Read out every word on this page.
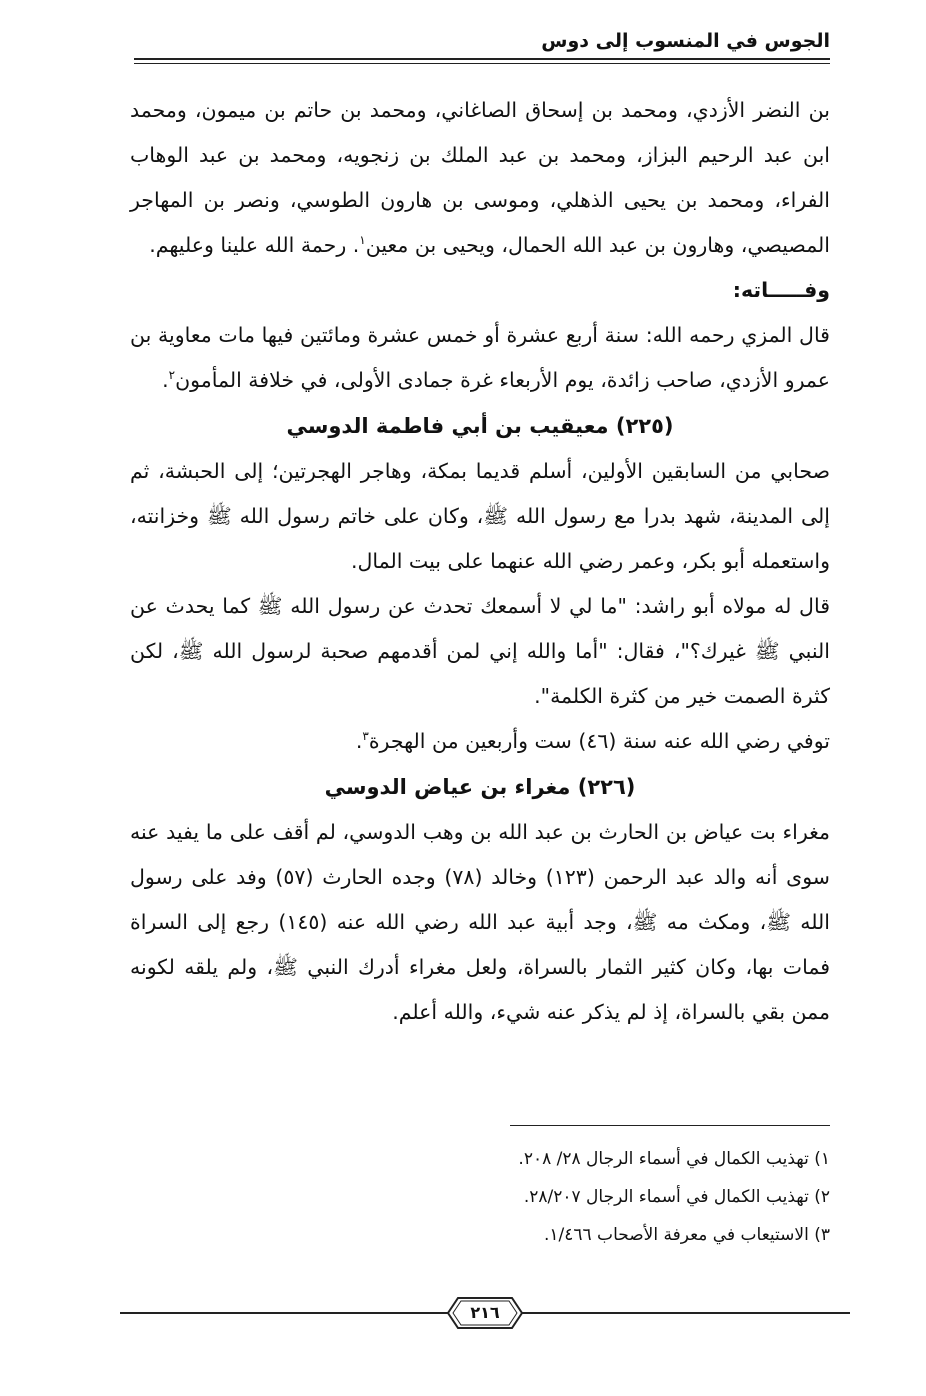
الجوس في المنسوب إلى دوس

بن النضر الأزدي، ومحمد بن إسحاق الصاغاني، ومحمد بن حاتم بن ميمون، ومحمد ابن عبد الرحيم البزاز، ومحمد بن عبد الملك بن زنجويه، ومحمد بن عبد الوهاب الفراء، ومحمد بن يحيى الذهلي، وموسى بن هارون الطوسي، ونصر بن المهاجر المصيصي، وهارون بن عبد الله الحمال، ويحيى بن معين$^١$. رحمة الله علينا وعليهم.

وفـــــاته:

قال المزي رحمه الله: سنة أربع عشرة أو خمس عشرة ومائتين فيها مات معاوية بن عمرو الأزدي، صاحب زائدة، يوم الأربعاء غرة جمادى الأولى، في خلافة المأمون$^٢$.

(٢٢٥) معيقيب بن أبي فاطمة الدوسي

صحابي من السابقين الأولين، أسلم قديما بمكة، وهاجر الهجرتين؛ إلى الحبشة، ثم إلى المدينة، شهد بدرا مع رسول الله ﷺ، وكان على خاتم رسول الله ﷺ وخزانته، واستعمله أبو بكر، وعمر رضي الله عنهما على بيت المال.

قال له مولاه أبو راشد: "ما لي لا أسمعك تحدث عن رسول الله ﷺ كما يحدث عن النبي ﷺ غيرك؟"، فقال: "أما والله إني لمن أقدمهم صحبة لرسول الله ﷺ، لكن كثرة الصمت خير من كثرة الكلمة".

توفي رضي الله عنه سنة (٤٦) ست وأربعين من الهجرة$^٣$.

(٢٢٦) مغراء بن عياض الدوسي

مغراء بت عياض بن الحارث بن عبد الله بن وهب الدوسي، لم أقف على ما يفيد عنه سوى أنه والد عبد الرحمن (١٢٣) وخالد (٧٨) وجده الحارث (٥٧) وفد على رسول الله ﷺ، ومكث مه ﷺ، وجد أبية عبد الله رضي الله عنه (١٤٥) رجع إلى السراة فمات بها، وكان كثير الثمار بالسراة، ولعل مغراء أدرك النبي ﷺ، ولم يلقه لكونه ممن بقي بالسراة، إذ لم يذكر عنه شيء، والله أعلم.

١) تهذيب الكمال في أسماء الرجال ٢٨/ ٢٠٨.

٢) تهذيب الكمال في أسماء الرجال ٢٨/٢٠٧.

٣) الاستيعاب في معرفة الأصحاب ١/٤٦٦.

٢١٦
